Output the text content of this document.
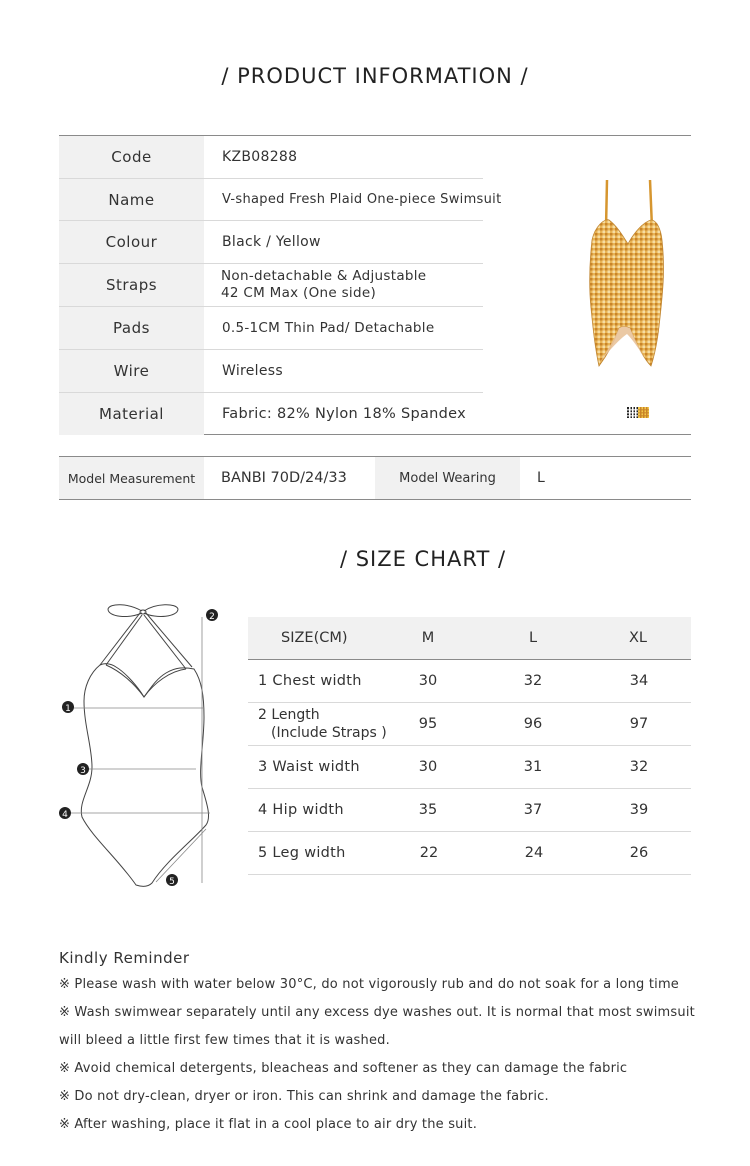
/ PRODUCT INFORMATION /
Code	KZB08288
Name	V-shaped Fresh Plaid One-piece Swimsuit
Colour	Black / Yellow
Straps	Non-detachable & Adjustable
42 CM Max (One side)
Pads	0.5-1CM Thin Pad/ Detachable
Wire	Wireless
Material	Fabric: 82% Nylon 18% Spandex
Model Measurement	BANBI 70D/24/33	Model Wearing	L
/ SIZE CHART /
2
1
3
4
5
SIZE(CM)	M	L	XL
1 Chest width	30	32	34
2 Length
(Include Straps )
95	96	97
3 Waist width	30	31	32
4 Hip width	35	37	39
5 Leg width	22	24	26
Kindly Reminder
※ Please wash with water below 30°C, do not vigorously rub and do not soak for a long time
※ Wash swimwear separately until any excess dye washes out. It is normal that most swimsuit
will bleed a little first few times that it is washed.
※ Avoid chemical detergents, bleacheas and softener as they can damage the fabric
※ Do not dry-clean, dryer or iron. This can shrink and damage the fabric.
※ After washing, place it flat in a cool place to air dry the suit.
